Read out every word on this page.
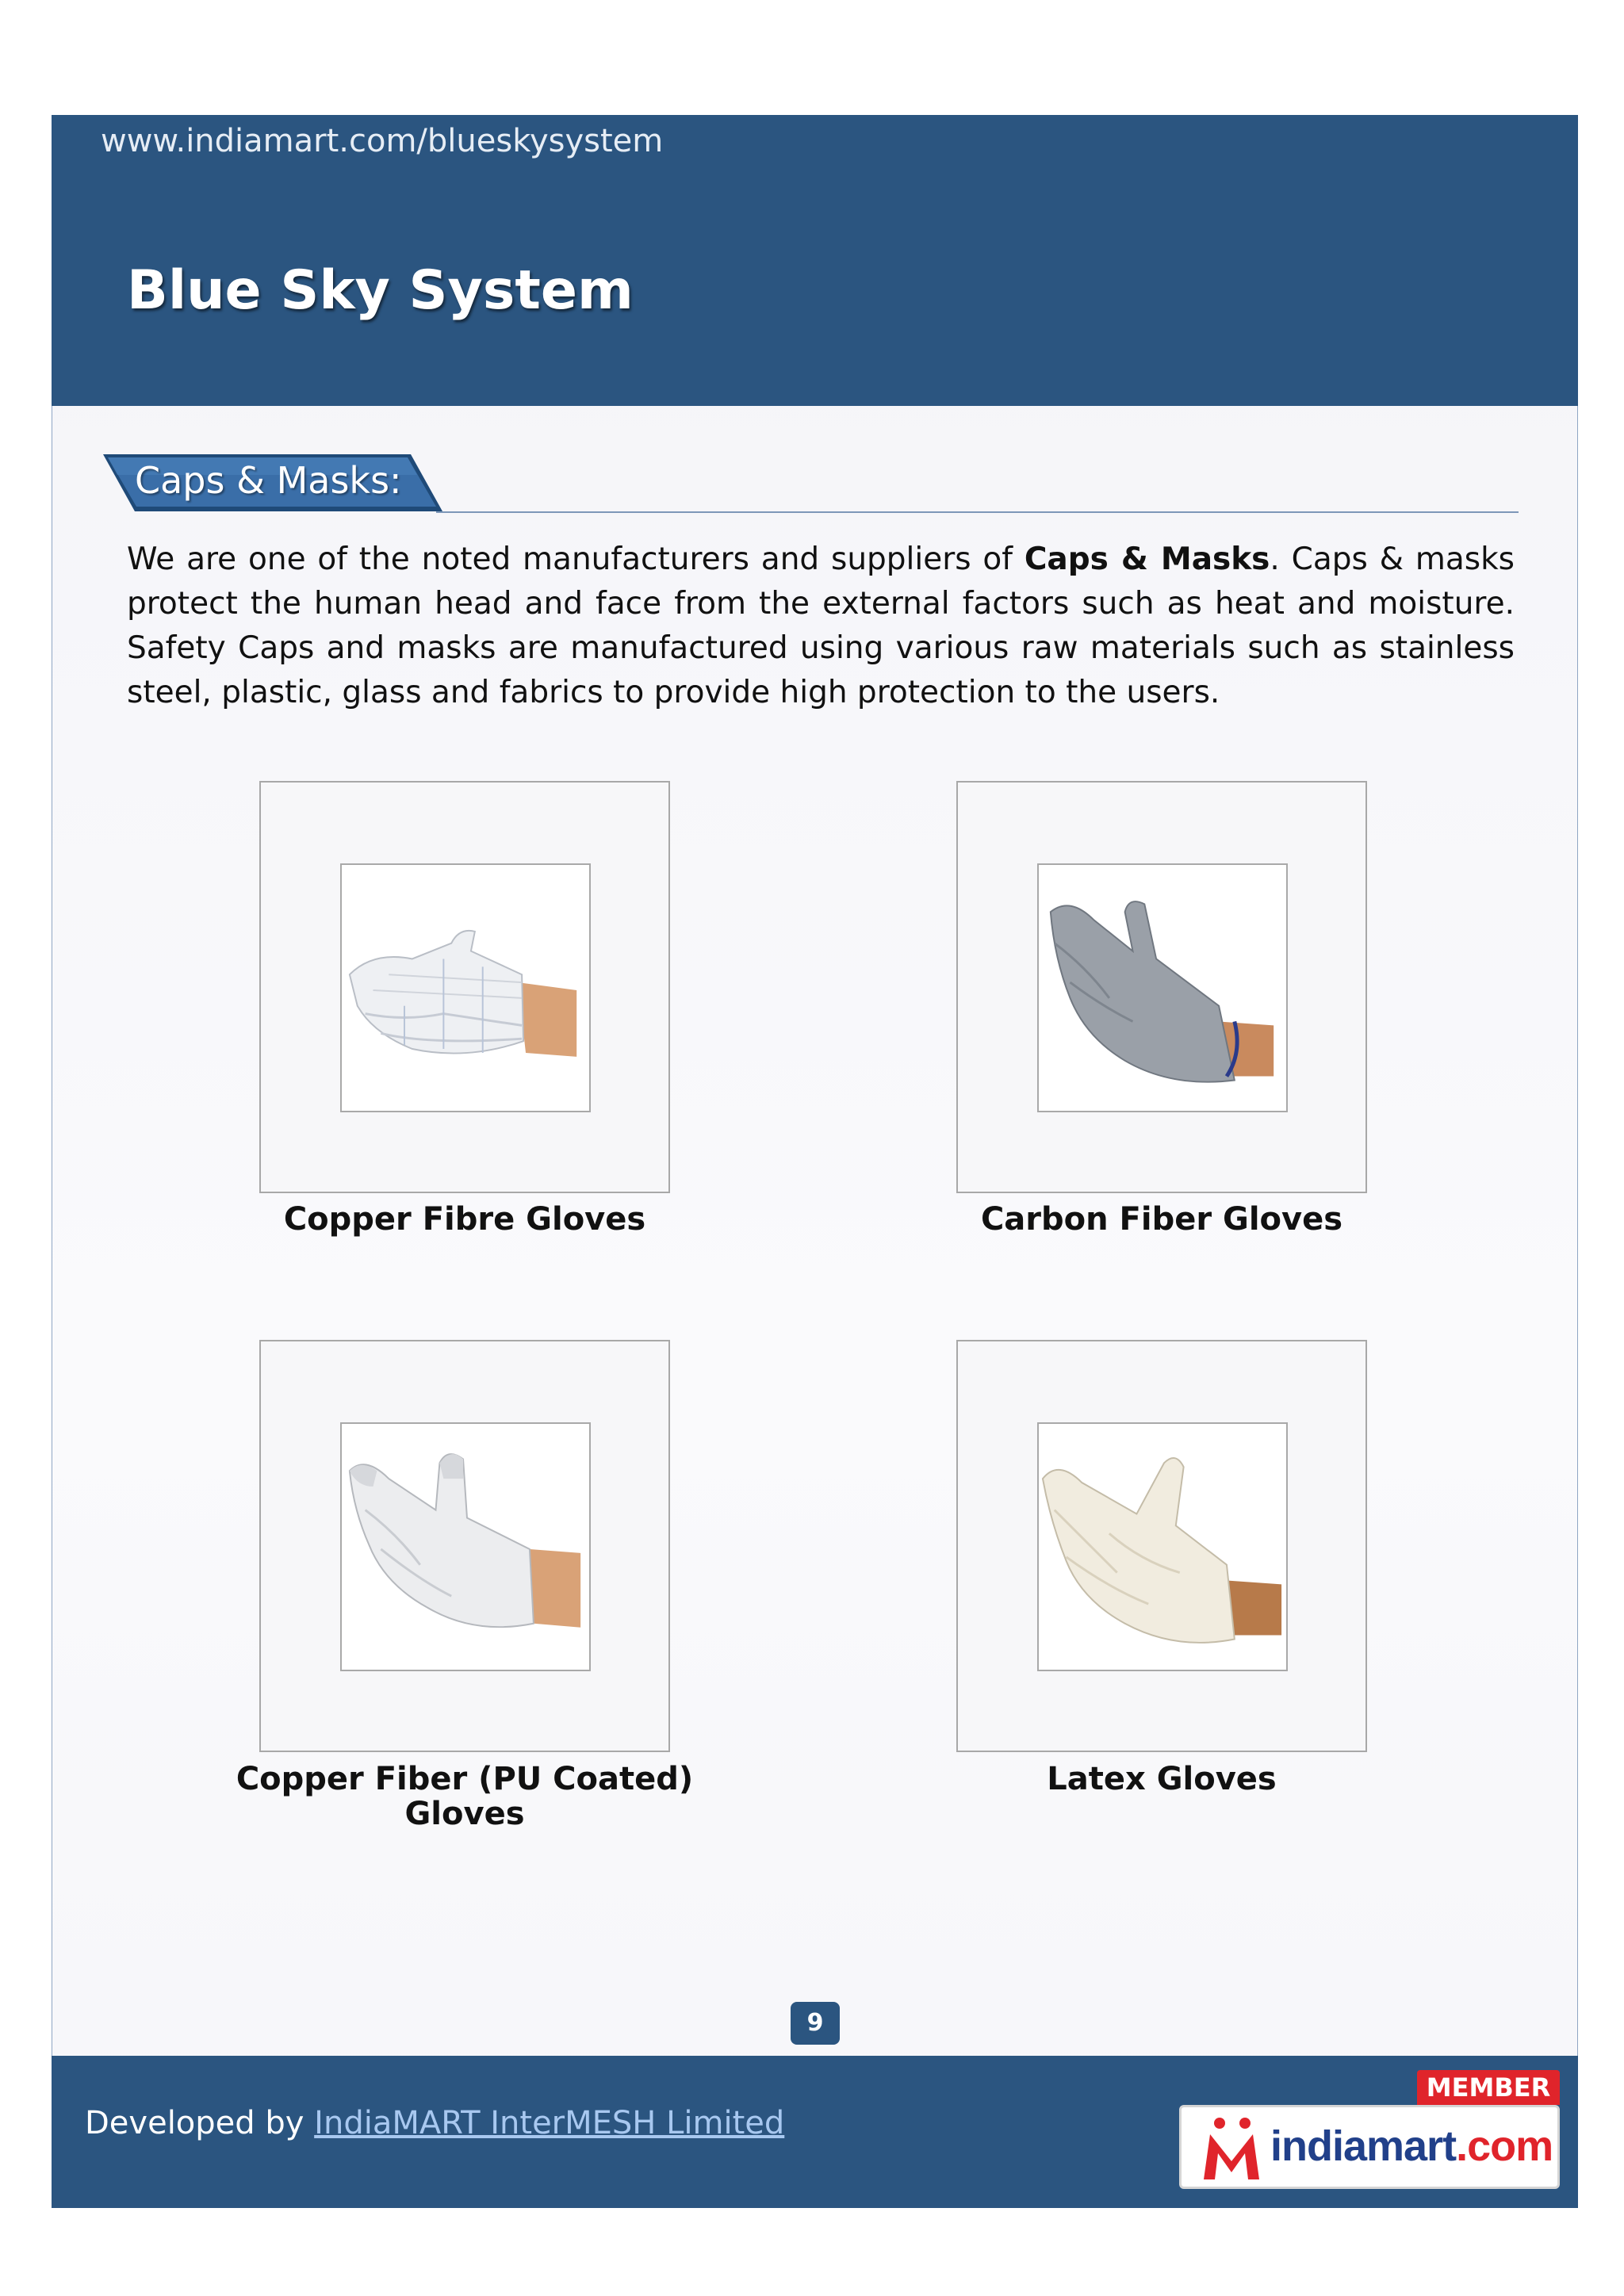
www.indiamart.com/blueskysystem
Blue Sky System
Caps & Masks:

We are one of the noted manufacturers and suppliers of Caps & Masks. Caps & masks protect the human head and face from the external factors such as heat and moisture. Safety Caps and masks are manufactured using various raw materials such as stainless steel, plastic, glass and fabrics to provide high protection to the users.

Copper Fibre Gloves	Carbon Fiber Gloves
Copper Fiber (PU Coated) Gloves
Latex Gloves
9
Developed by IndiaMART InterMESH Limited
MEMBER
indiamart.com
